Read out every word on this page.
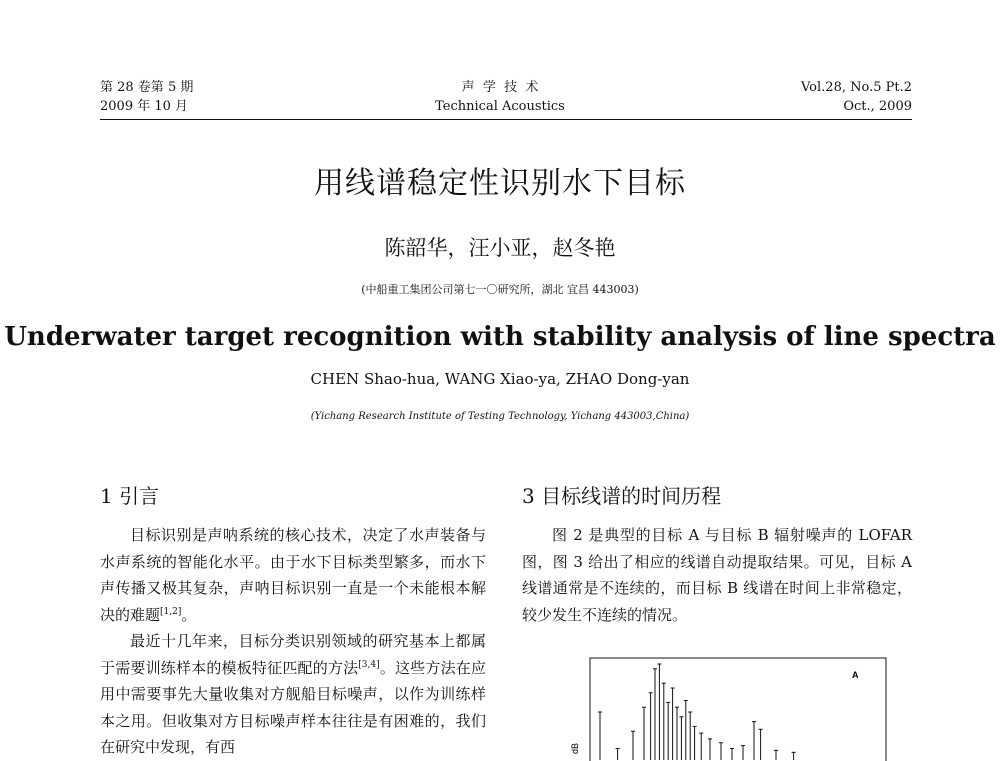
第 28 卷第 5 期
2009 年 10 月
声  学  技  术
Technical Acoustics
Vol.28, No.5 Pt.2
Oct., 2009
用线谱稳定性识别水下目标
陈韶华，汪小亚，赵冬艳
(中船重工集团公司第七一〇研究所，湖北 宜昌 443003)
Underwater target recognition with stability analysis of line spectra
CHEN Shao-hua, WANG Xiao-ya, ZHAO Dong-yan
(Yichang Research Institute of Testing Technology, Yichang 443003,China)
1 引言

目标识别是声呐系统的核心技术，决定了水声装备与水声系统的智能化水平。由于水下目标类型繁多，而水下声传播又极其复杂，声呐目标识别一直是一个未能根本解决的难题[1,2]。

最近十几年来，目标分类识别领域的研究基本上都属于需要训练样本的模板特征匹配的方法[3,4]。这些方法在应用中需要事先大量收集对方舰船目标噪声，以作为训练样本之用。但收集对方目标噪声样本往往是有困难的，我们在研究中发现，有西

3 目标线谱的时间历程

图 2 是典型的目标 A 与目标 B 辐射噪声的 LOFAR 图，图 3 给出了相应的线谱自动提取结果。可见，目标 A 线谱通常是不连续的，而目标 B 线谱在时间上非常稳定，较少发生不连续的情况。

A
dB
